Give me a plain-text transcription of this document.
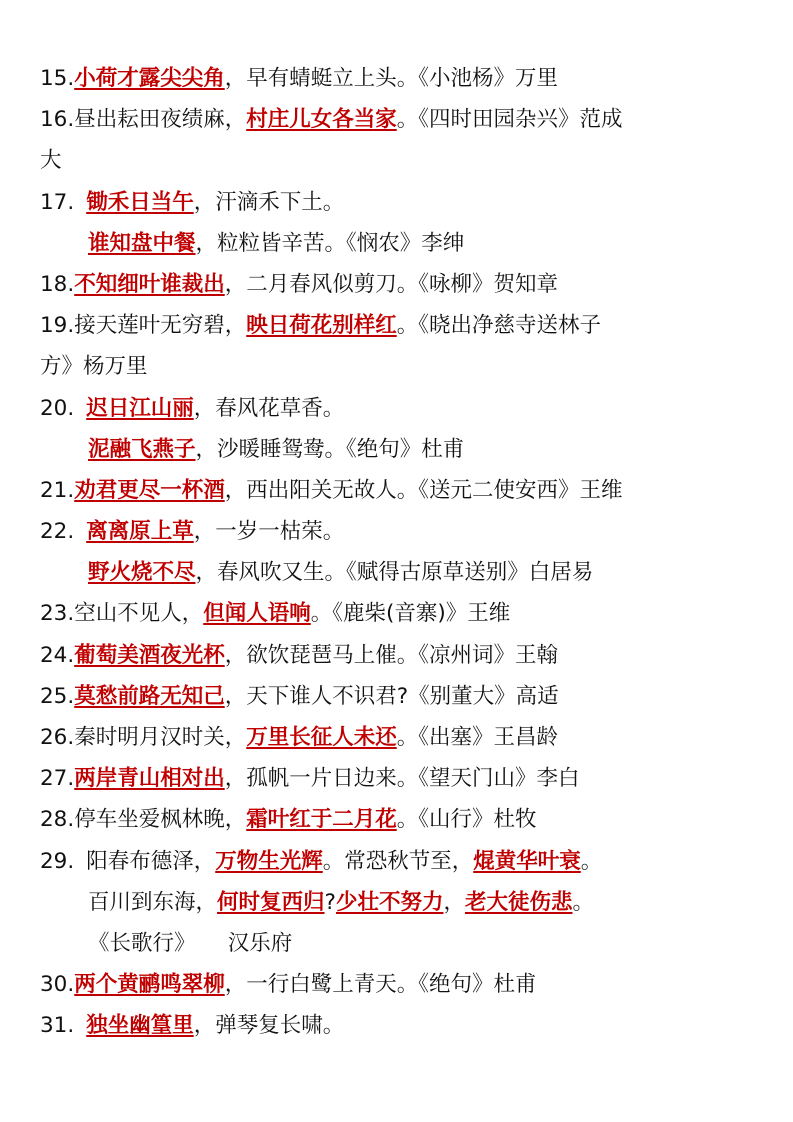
15.小荷才露尖尖角，早有蜻蜓立上头。《小池杨》万里
16.昼出耘田夜绩麻，村庄儿女各当家。《四时田园杂兴》范成
大
17. 锄禾日当午，汗滴禾下土。
谁知盘中餐，粒粒皆辛苦。《悯农》李绅
18.不知细叶谁裁出，二月春风似剪刀。《咏柳》贺知章
19.接天莲叶无穷碧，映日荷花别样红。《晓出净慈寺送林子
方》杨万里
20. 迟日江山丽，春风花草香。
泥融飞燕子，沙暖睡鸳鸯。《绝句》杜甫
21.劝君更尽一杯酒，西出阳关无故人。《送元二使安西》王维
22. 离离原上草，一岁一枯荣。
野火烧不尽，春风吹又生。《赋得古原草送别》白居易
23.空山不见人，但闻人语响。《鹿柴(音寨)》王维
24.葡萄美酒夜光杯，欲饮琵琶马上催。《凉州词》王翰
25.莫愁前路无知己，天下谁人不识君?《别董大》高适
26.秦时明月汉时关，万里长征人未还。《出塞》王昌龄
27.两岸青山相对出，孤帆一片日边来。《望天门山》李白
28.停车坐爱枫林晚，霜叶红于二月花。《山行》杜牧
29. 阳春布德泽，万物生光辉。常恐秋节至，焜黄华叶衰。
百川到东海，何时复西归?少壮不努力，老大徒伤悲。
《长歌行》　　汉乐府
30.两个黄鹂鸣翠柳，一行白鹭上青天。《绝句》杜甫
31. 独坐幽篁里，弹琴复长啸。
